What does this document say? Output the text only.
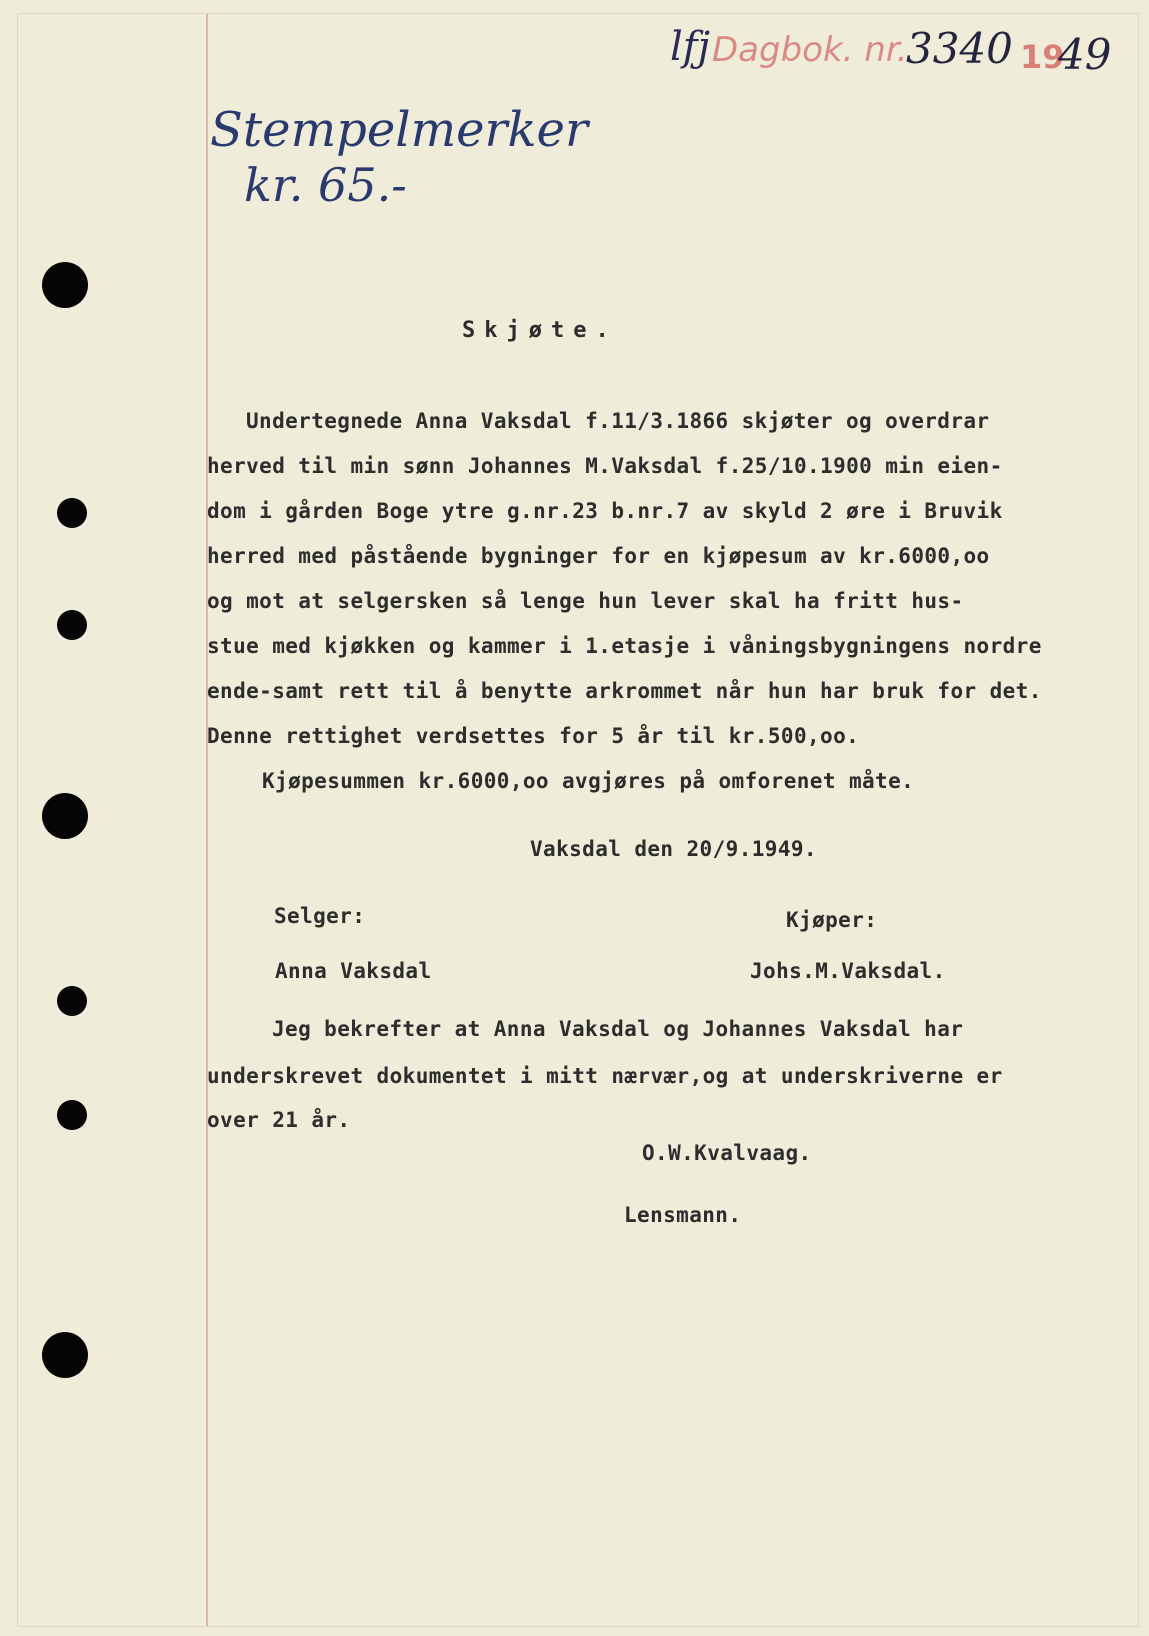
lfj Dagbok. nr.
3340 19
49
Stempelmerker
kr. 65.-
Skjøte.
Undertegnede Anna Vaksdal f.11/3.1866 skjøter og overdrar
herved til min sønn Johannes M.Vaksdal f.25/10.1900 min eien-
dom i gården Boge ytre g.nr.23 b.nr.7 av skyld 2 øre i Bruvik
herred med påstående bygninger for en kjøpesum av kr.6000,oo
og mot at selgersken så lenge hun lever skal ha fritt hus-
stue med kjøkken og kammer i 1.etasje i våningsbygningens nordre
ende-samt rett til å benytte arkrommet når hun har bruk for det.
Denne rettighet verdsettes for 5 år til kr.500,oo.
Kjøpesummen kr.6000,oo avgjøres på omforenet måte.
Vaksdal den 20/9.1949.
Selger:	Kjøper:
Anna Vaksdal	Johs.M.Vaksdal.
Jeg bekrefter at Anna Vaksdal og Johannes Vaksdal har
underskrevet dokumentet i mitt nærvær,og at underskriverne er
over 21 år.
O.W.Kvalvaag.
Lensmann.
